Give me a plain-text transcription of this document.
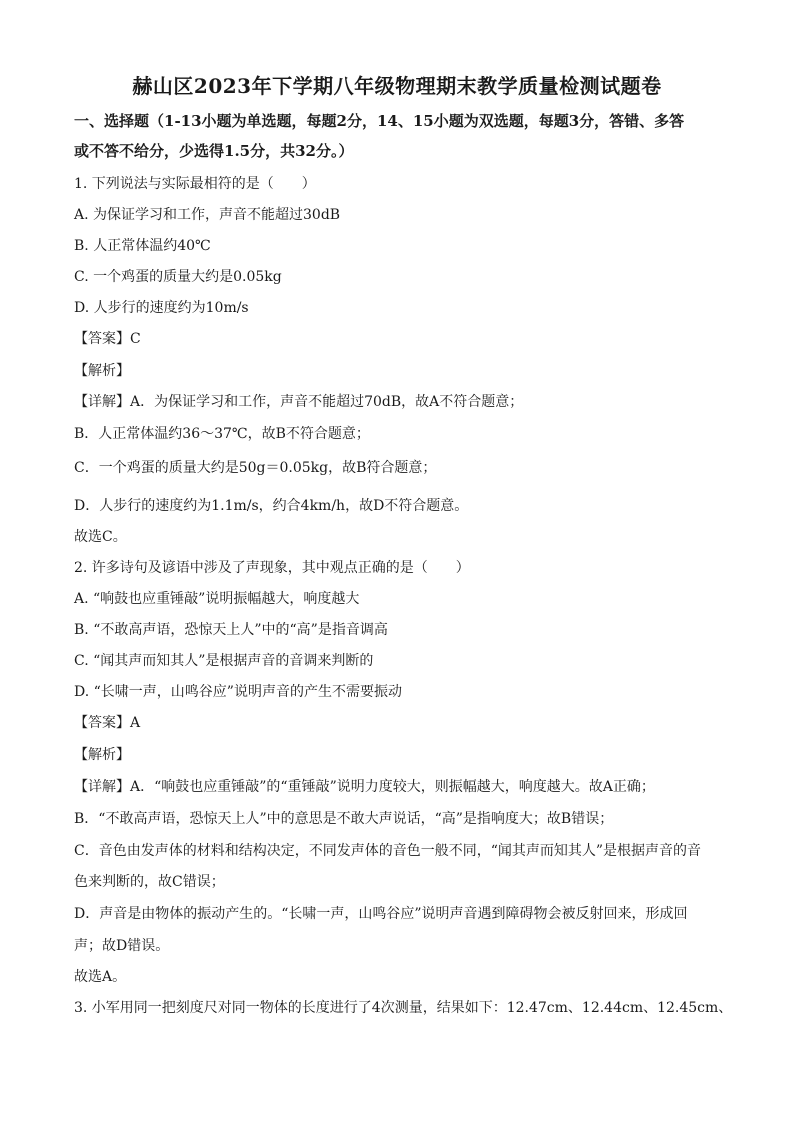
赫山区2023年下学期八年级物理期末教学质量检测试题卷
一、选择题（1-13小题为单选题，每题2分，14、15小题为双选题，每题3分，答错、多答
或不答不给分，少选得1.5分，共32分。）
1. 下列说法与实际最相符的是（　　）
A. 为保证学习和工作，声音不能超过30dB
B. 人正常体温约40℃
C. 一个鸡蛋的质量大约是0.05kg
D. 人步行的速度约为10m/s
【答案】C
【解析】
【详解】A．为保证学习和工作，声音不能超过70dB，故A不符合题意；
B．人正常体温约36～37℃，故B不符合题意；
C．一个鸡蛋的质量大约是50g＝0.05kg，故B符合题意；
D．人步行的速度约为1.1m/s，约合4km/h，故D不符合题意。
故选C。
2. 许多诗句及谚语中涉及了声现象，其中观点正确的是（　　）
A. “响鼓也应重锤敲”说明振幅越大，响度越大
B. “不敢高声语，恐惊天上人”中的“高”是指音调高
C. “闻其声而知其人”是根据声音的音调来判断的
D. “长啸一声，山鸣谷应”说明声音的产生不需要振动
【答案】A
【解析】
【详解】A．“响鼓也应重锤敲”的“重锤敲”说明力度较大，则振幅越大，响度越大。故A正确；
B．“不敢高声语，恐惊天上人”中的意思是不敢大声说话，“高”是指响度大；故B错误；
C．音色由发声体的材料和结构决定，不同发声体的音色一般不同，“闻其声而知其人”是根据声音的音
色来判断的，故C错误；
D．声音是由物体的振动产生的。“长啸一声，山鸣谷应”说明声音遇到障碍物会被反射回来，形成回
声；故D错误。
故选A。
3. 小军用同一把刻度尺对同一物体的长度进行了4次测量，结果如下：12.47cm、12.44cm、12.45cm、
